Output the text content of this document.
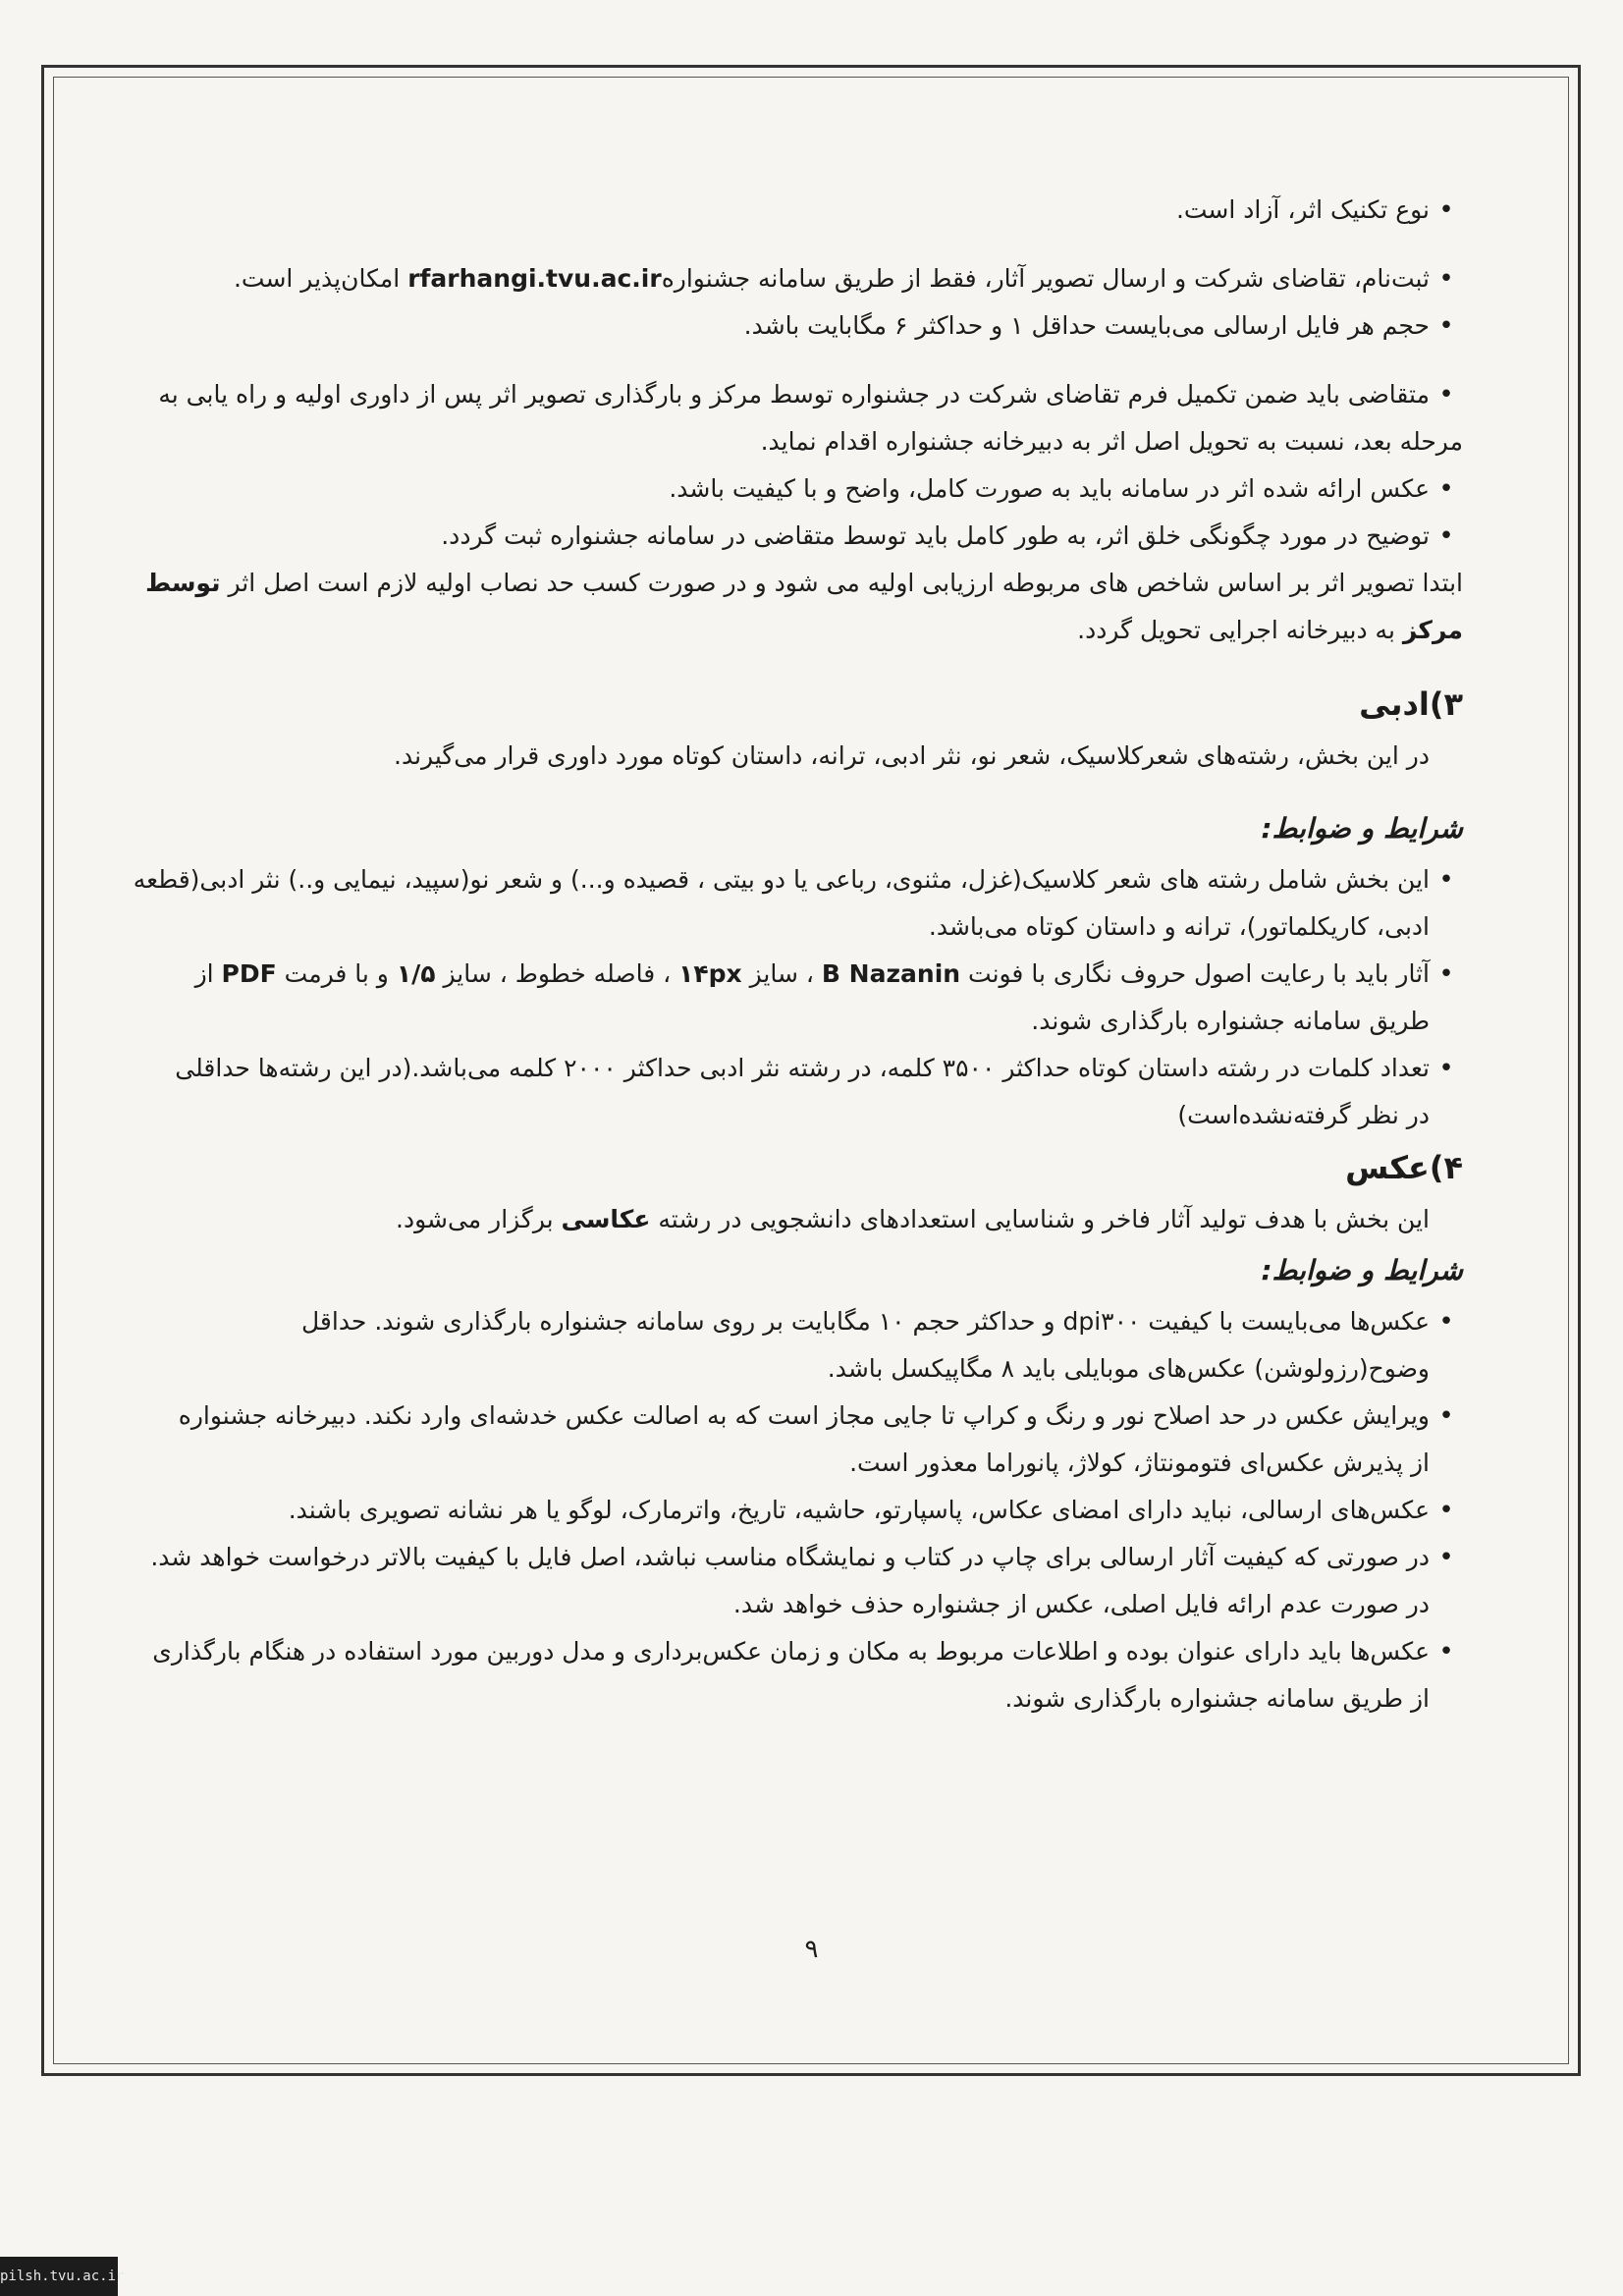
• نوع تکنیک اثر، آزاد است.
• ثبت‌نام، تقاضای شرکت و ارسال تصویر آثار، فقط از طریق سامانه جشنوارهrfarhangi.tvu.ac.ir امکان‌پذیر است.
• حجم هر فایل ارسالی می‌بایست حداقل ۱ و حداکثر ۶ مگابایت باشد.
• متقاضی باید ضمن تکمیل فرم تقاضای شرکت در جشنواره توسط مرکز و بارگذاری تصویر اثر پس از داوری اولیه و راه یابی به
مرحله بعد، نسبت به تحویل اصل اثر به دبیرخانه جشنواره اقدام نماید.
• عکس ارائه شده اثر در سامانه باید به صورت کامل، واضح و با کیفیت باشد.
• توضیح در مورد چگونگی خلق اثر، به طور کامل باید توسط متقاضی در سامانه جشنواره ثبت گردد.
ابتدا تصویر اثر بر اساس شاخص های مربوطه ارزیابی اولیه می شود و در صورت کسب حد نصاب اولیه لازم است اصل اثر توسط
مرکز به دبیرخانه اجرایی تحویل گردد.
۳)ادبی
در این بخش، رشته‌های شعرکلاسیک، شعر نو، نثر ادبی، ترانه، داستان کوتاه مورد داوری قرار می‌گیرند.
شرایط و ضوابط:
• این بخش شامل رشته های شعر کلاسیک(غزل، مثنوی، رباعی یا دو بیتی ، قصیده و...) و شعر نو(سپید، نیمایی و..) نثر ادبی(قطعه
ادبی، کاریکلماتور)، ترانه و داستان کوتاه می‌باشد.
• آثار باید با رعایت اصول حروف نگاری با فونت B Nazanin ، سایز ۱۴px ، فاصله خطوط ، سایز ۱/۵ و با فرمت PDF از
طریق سامانه جشنواره بارگذاری شوند.
• تعداد کلمات در رشته داستان کوتاه حداکثر ۳۵۰۰ کلمه، در رشته نثر ادبی حداکثر ۲۰۰۰ کلمه می‌باشد.(در این رشته‌ها حداقلی
در نظر گرفته‌نشده‌است)
۴)عکس
این بخش با هدف تولید آثار فاخر و شناسایی استعدادهای دانشجویی در رشته عکاسی برگزار می‌شود.
شرایط و ضوابط:
• عکس‌ها می‌بایست با کیفیت dpi۳۰۰ و حداکثر حجم ۱۰ مگابایت بر روی سامانه جشنواره بارگذاری شوند. حداقل
وضوح(رزولوشن) عکس‌های موبایلی باید ۸ مگاپیکسل باشد.
• ویرایش عکس در حد اصلاح نور و رنگ و کراپ تا جایی مجاز است که به اصالت عکس خدشه‌ای وارد نکند. دبیرخانه جشنواره
از پذیرش عکس‌ای فتومونتاژ، کولاژ، پانوراما معذور است.
• عکس‌های ارسالی، نباید دارای امضای عکاس، پاسپارتو، حاشیه، تاریخ، واترمارک، لوگو یا هر نشانه تصویری باشند.
• در صورتی که کیفیت آثار ارسالی برای چاپ در کتاب و نمایشگاه مناسب نباشد، اصل فایل با کیفیت بالاتر درخواست خواهد شد.
در صورت عدم ارائه فایل اصلی، عکس از جشنواره حذف خواهد شد.
• عکس‌ها باید دارای عنوان بوده و اطلاعات مربوط به مکان و زمان عکس‌برداری و مدل دوربین مورد استفاده در هنگام بارگذاری
از طریق سامانه جشنواره بارگذاری شوند.
۹
pilsh.tvu.ac.ir
